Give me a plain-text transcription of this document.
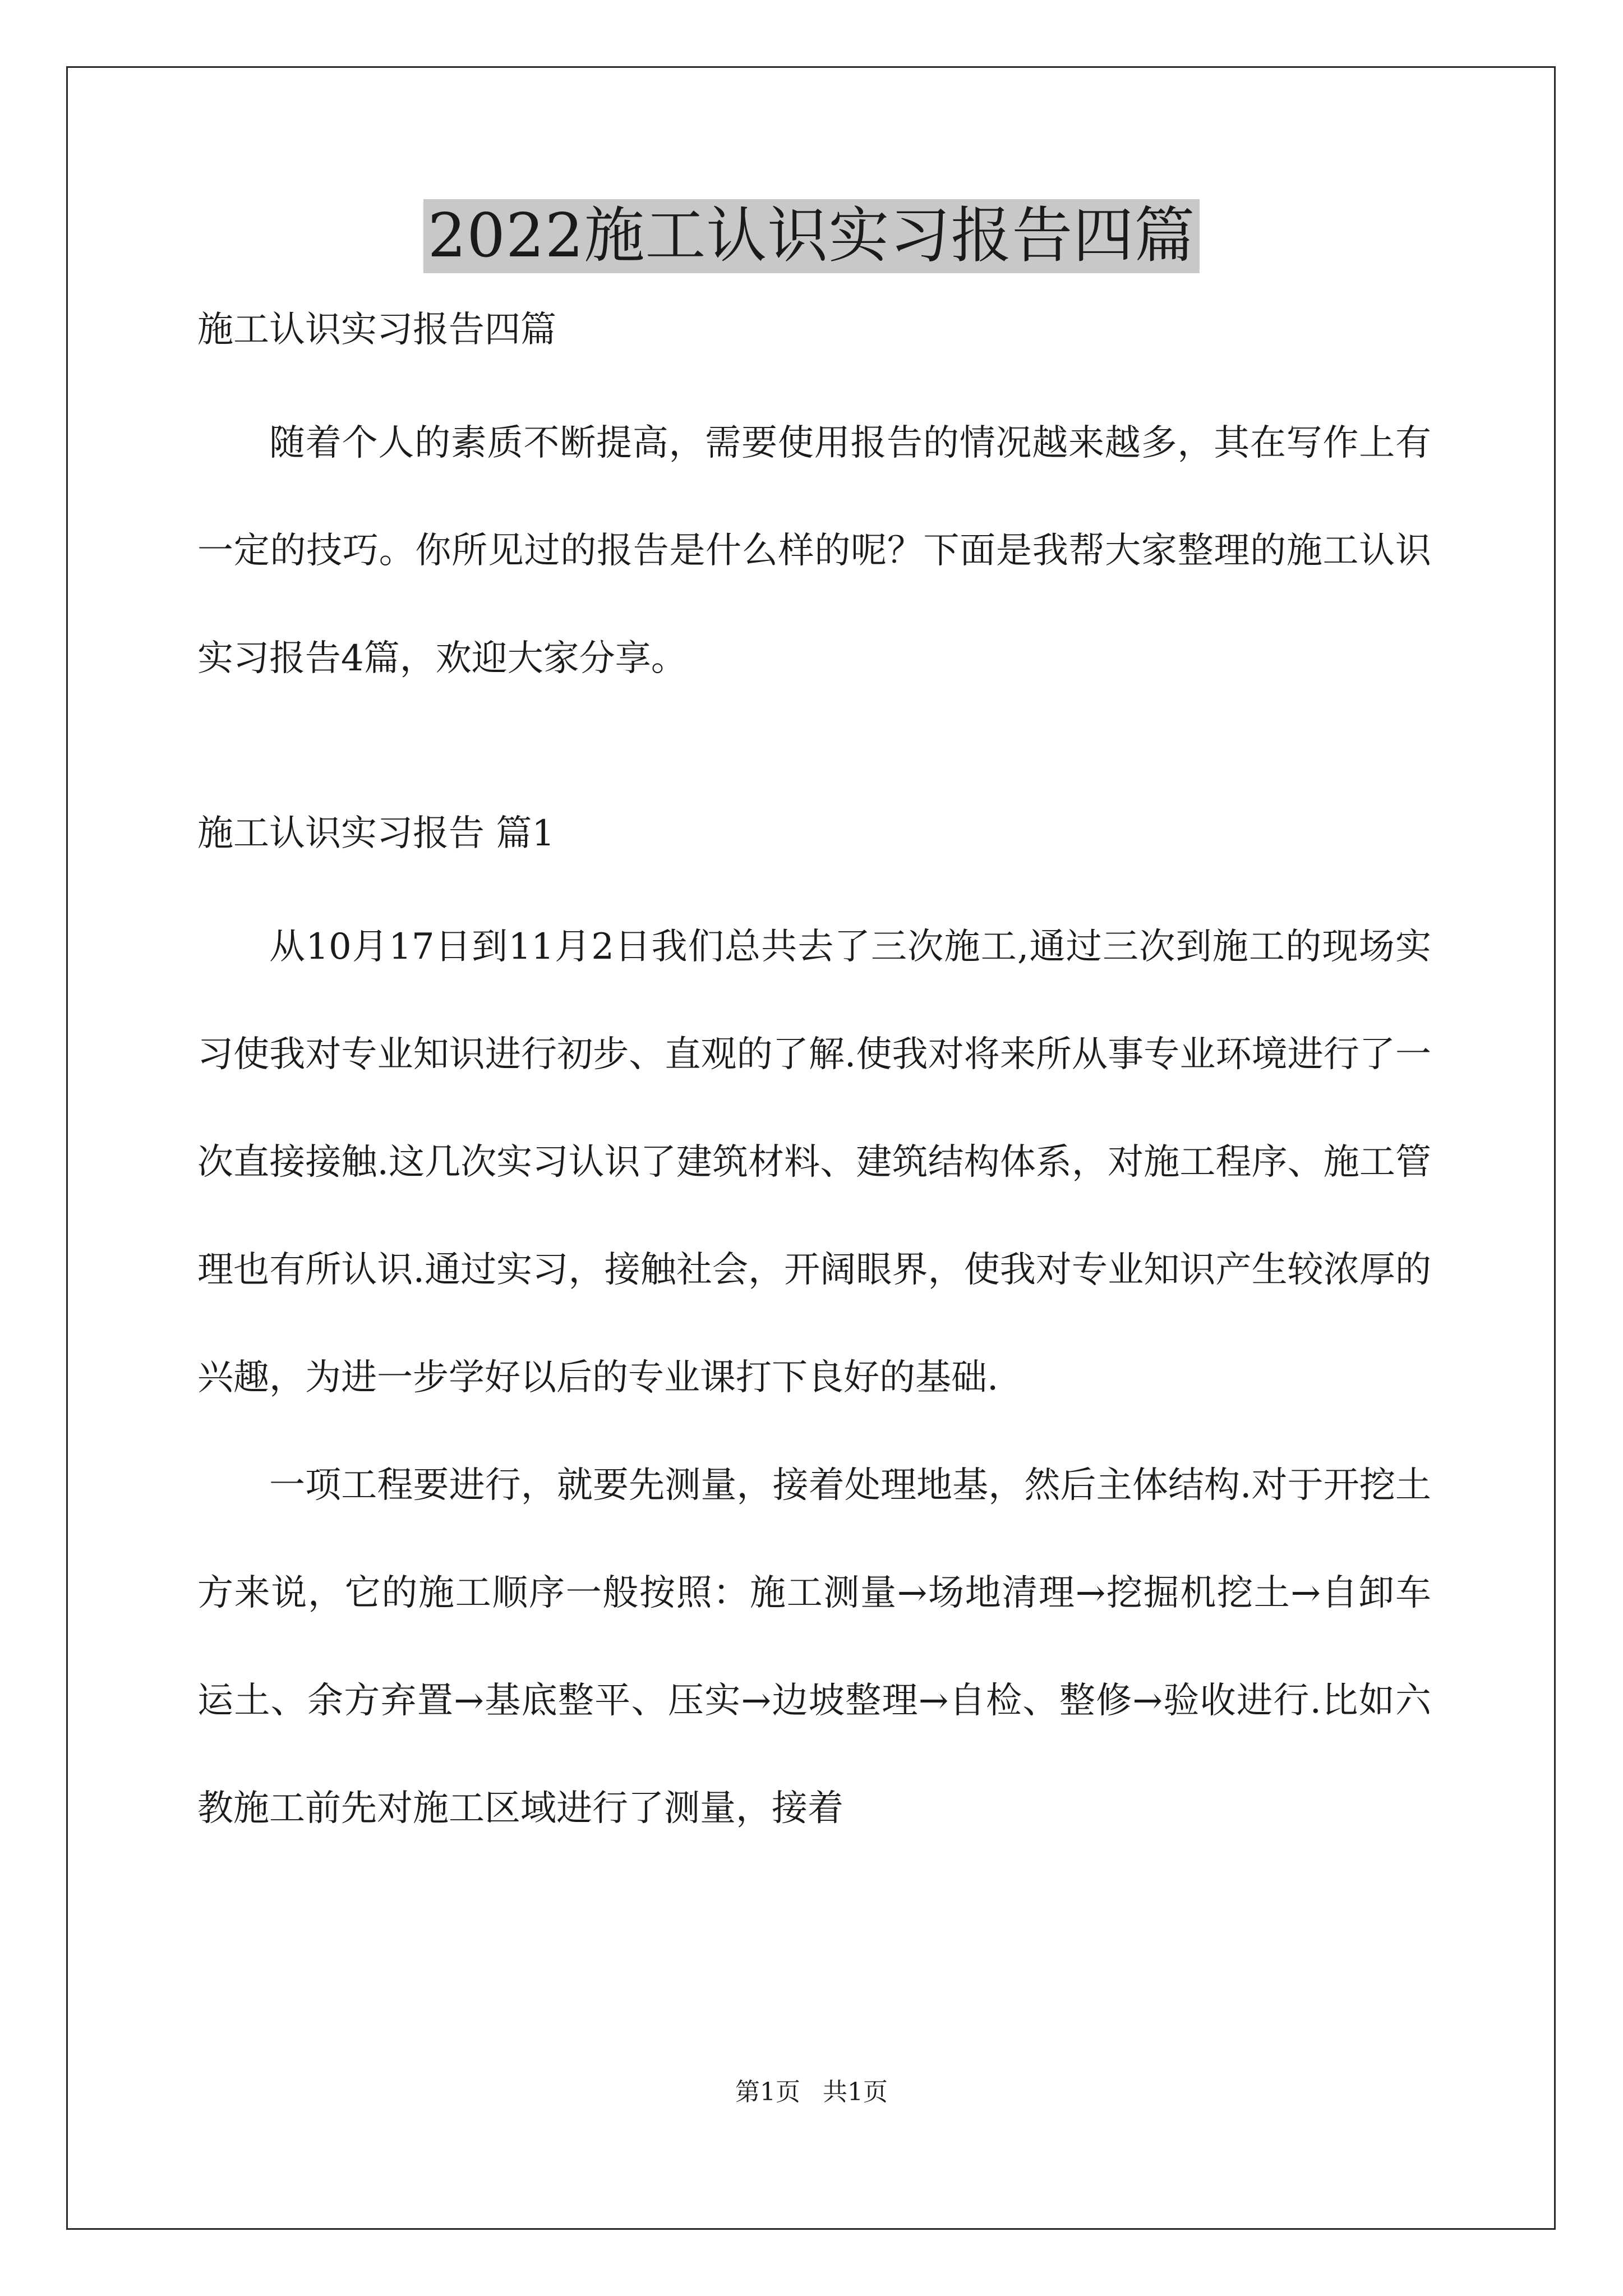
2022施工认识实习报告四篇

施工认识实习报告四篇

随着个人的素质不断提高，需要使用报告的情况越来越多，其在写作上有一定的技巧。你所见过的报告是什么样的呢？下面是我帮大家整理的施工认识实习报告4篇，欢迎大家分享。

施工认识实习报告 篇1

从10月17日到11月2日我们总共去了三次施工,通过三次到施工的现场实习使我对专业知识进行初步、直观的了解.使我对将来所从事专业环境进行了一次直接接触.这几次实习认识了建筑材料、建筑结构体系，对施工程序、施工管理也有所认识.通过实习，接触社会，开阔眼界，使我对专业知识产生较浓厚的兴趣，为进一步学好以后的专业课打下良好的基础.

一项工程要进行，就要先测量，接着处理地基，然后主体结构.对于开挖土方来说，它的施工顺序一般按照：施工测量→场地清理→挖掘机挖土→自卸车运土、余方弃置→基底整平、压实→边坡整理→自检、整修→验收进行.比如六教施工前先对施工区域进行了测量，接着

第1页 共1页
